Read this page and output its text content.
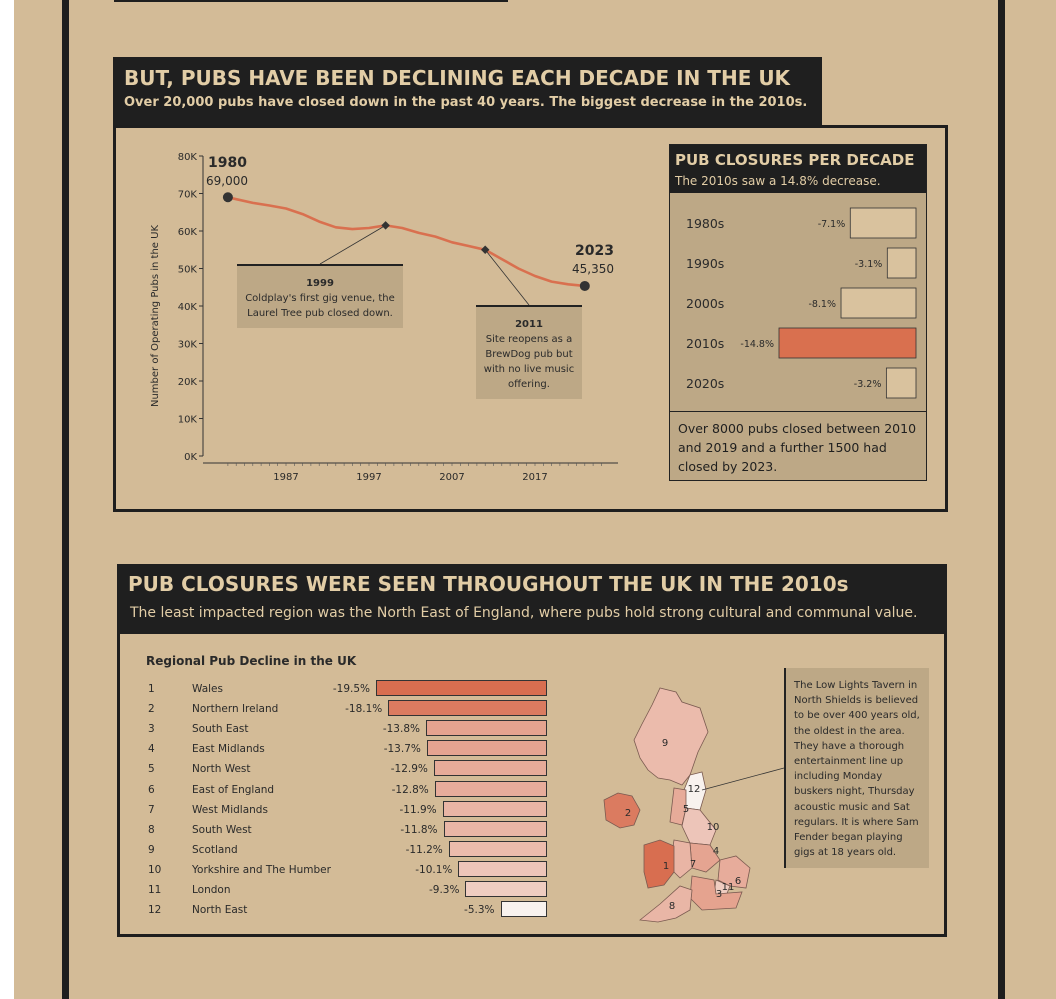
BUT, PUBS HAVE BEEN DECLINING EACH DECADE IN THE UK
Over 20,000 pubs have closed down in the past 40 years. The biggest decrease in the 2010s.
0K
10K
20K
30K
40K
50K
60K
70K
80K
1987	1997	2007	2017
Number of Operating Pubs in the UK
1980
69,000
2023
45,350
1999
Coldplay's first gig venue, the Laurel Tree pub closed down.
2011
Site reopens as a BrewDog pub but with no live music offering.
PUB CLOSURES PER DECADE
The 2010s saw a 14.8% decrease.
1980s	-7.1%
1990s	-3.1%
2000s	-8.1%
2010s -14.8%
2020s	-3.2%
Over 8000 pubs closed between 2010 and 2019 and a further 1500 had closed by 2023.
PUB CLOSURES WERE SEEN THROUGHOUT THE UK IN THE 2010s
The least impacted region was the North East of England, where pubs hold strong cultural and communal value.
Regional Pub Decline in the UK
1	Wales	-19.5%
2	Northern Ireland	-18.1%
3	South East	-13.8%
4	East Midlands	-13.7%
5	North West	-12.9%
6	East of England	-12.8%
7	West Midlands	-11.9%
8	South West	-11.8%
9	Scotland	-11.2%
10	Yorkshire and The Humber	-10.1%
11	London	-9.3%
12	North East	-5.3%
9
2
12
5
10
4
7
1
6
11
3
8
The Low Lights Tavern in North Shields is believed to be over 400 years old, the oldest in the area. They have a thorough entertainment line up including Monday buskers night, Thursday acoustic music and Sat regulars. It is where Sam Fender began playing gigs at 18 years old.
